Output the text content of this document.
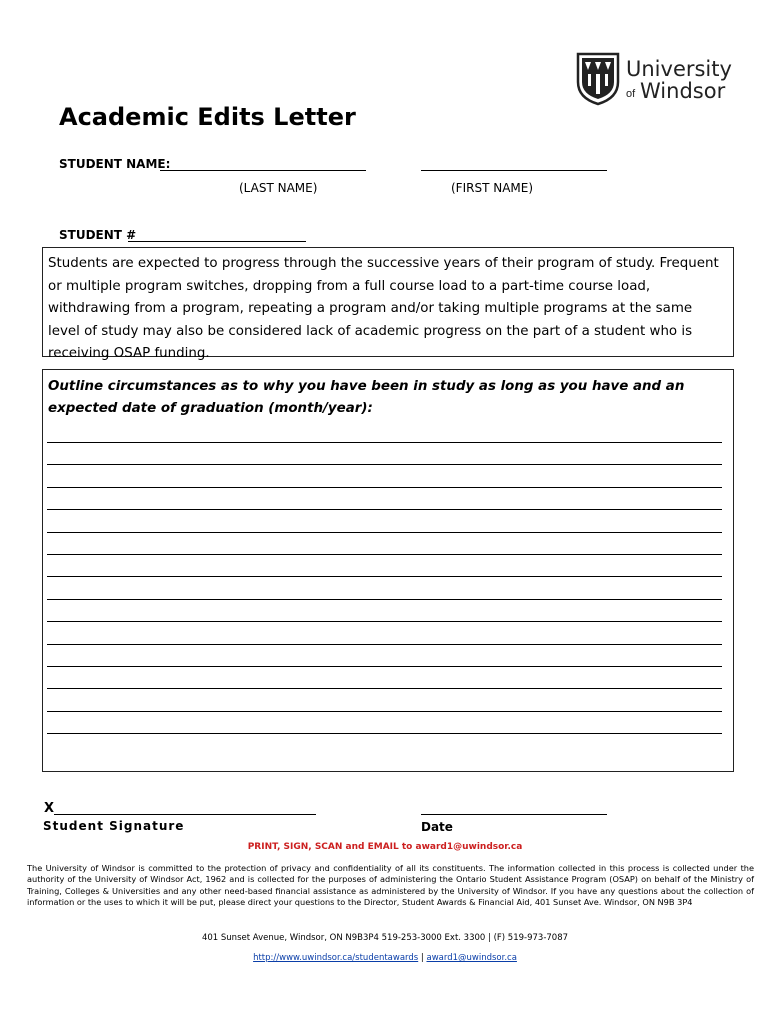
University
of Windsor
Academic Edits Letter
STUDENT NAME:
(LAST NAME)	(FIRST NAME)
STUDENT #
Students are expected to progress through the successive years of their program of study. Frequent or multiple program switches, dropping from a full course load to a part-time course load, withdrawing from a program, repeating a program and/or taking multiple programs at the same level of study may also be considered lack of academic progress on the part of a student who is receiving OSAP funding.
Outline circumstances as to why you have been in study as long as you have and an expected date of graduation (month/year):
X
Student Signature	Date
PRINT, SIGN, SCAN and EMAIL to award1@uwindsor.ca
The University of Windsor is committed to the protection of privacy and confidentiality of all its constituents. The information collected in this process is collected under the authority of the University of Windsor Act, 1962 and is collected for the purposes of administering the Ontario Student Assistance Program (OSAP) on behalf of the Ministry of Training, Colleges & Universities and any other need-based financial assistance as administered by the University of Windsor. If you have any questions about the collection of information or the uses to which it will be put, please direct your questions to the Director, Student Awards & Financial Aid, 401 Sunset Ave. Windsor, ON N9B 3P4
401 Sunset Avenue, Windsor, ON N9B3P4 519-253-3000 Ext. 3300 | (F) 519-973-7087
http://www.uwindsor.ca/studentawards | award1@uwindsor.ca
